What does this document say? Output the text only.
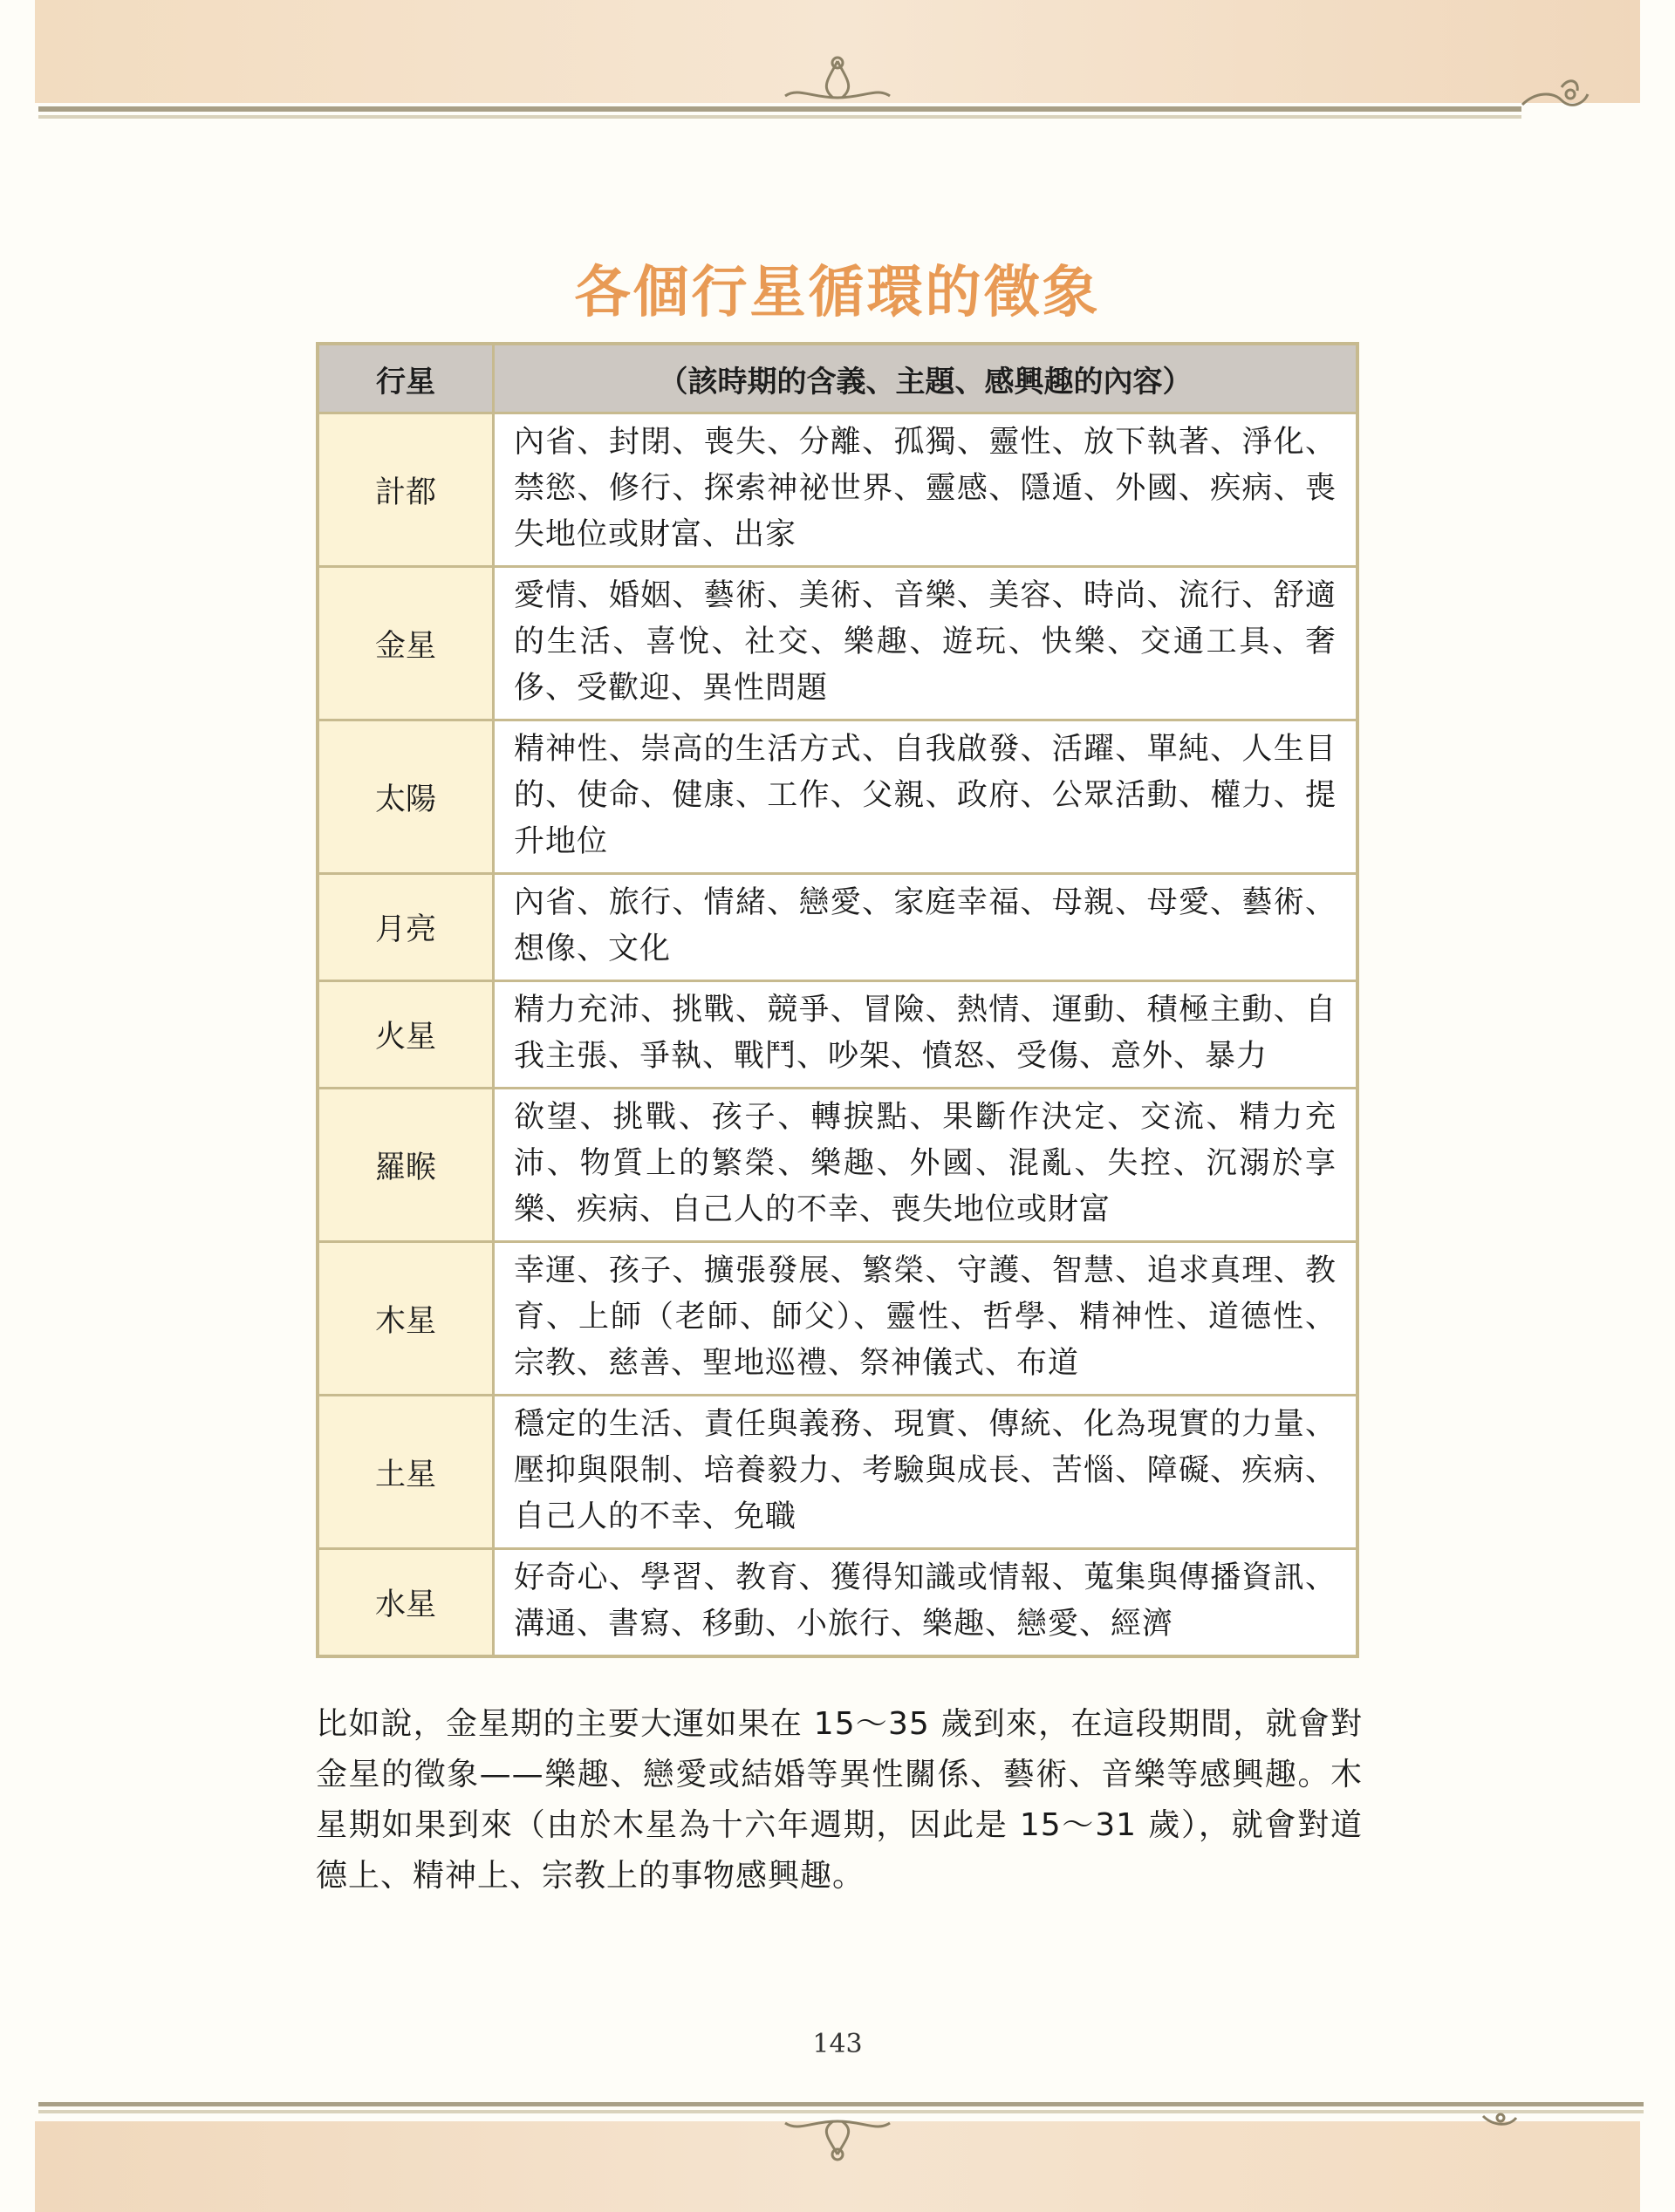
各個行星循環的徵象
行星	（該時期的含義、主題、感興趣的內容）
計都	內省、封閉、喪失、分離、孤獨、靈性、放下執著、淨化、禁慾、修行、探索神祕世界、靈感、隱遁、外國、疾病、喪失地位或財富、出家
金星	愛情、婚姻、藝術、美術、音樂、美容、時尚、流行、舒適的生活、喜悅、社交、樂趣、遊玩、快樂、交通工具、奢侈、受歡迎、異性問題
太陽	精神性、崇高的生活方式、自我啟發、活躍、單純、人生目的、使命、健康、工作、父親、政府、公眾活動、權力、提升地位
月亮	內省、旅行、情緒、戀愛、家庭幸福、母親、母愛、藝術、想像、文化
火星	精力充沛、挑戰、競爭、冒險、熱情、運動、積極主動、自我主張、爭執、戰鬥、吵架、憤怒、受傷、意外、暴力
羅睺	欲望、挑戰、孩子、轉捩點、果斷作決定、交流、精力充沛、物質上的繁榮、樂趣、外國、混亂、失控、沉溺於享樂、疾病、自己人的不幸、喪失地位或財富
木星	幸運、孩子、擴張發展、繁榮、守護、智慧、追求真理、教育、上師（老師、師父）、靈性、哲學、精神性、道德性、宗教、慈善、聖地巡禮、祭神儀式、布道
土星	穩定的生活、責任與義務、現實、傳統、化為現實的力量、壓抑與限制、培養毅力、考驗與成長、苦惱、障礙、疾病、自己人的不幸、免職
水星	好奇心、學習、教育、獲得知識或情報、蒐集與傳播資訊、溝通、書寫、移動、小旅行、樂趣、戀愛、經濟

比如說，金星期的主要大運如果在 15～35 歲到來，在這段期間，就會對金星的徵象——樂趣、戀愛或結婚等異性關係、藝術、音樂等感興趣。木星期如果到來（由於木星為十六年週期，因此是 15～31 歲），就會對道德上、精神上、宗教上的事物感興趣。

143
